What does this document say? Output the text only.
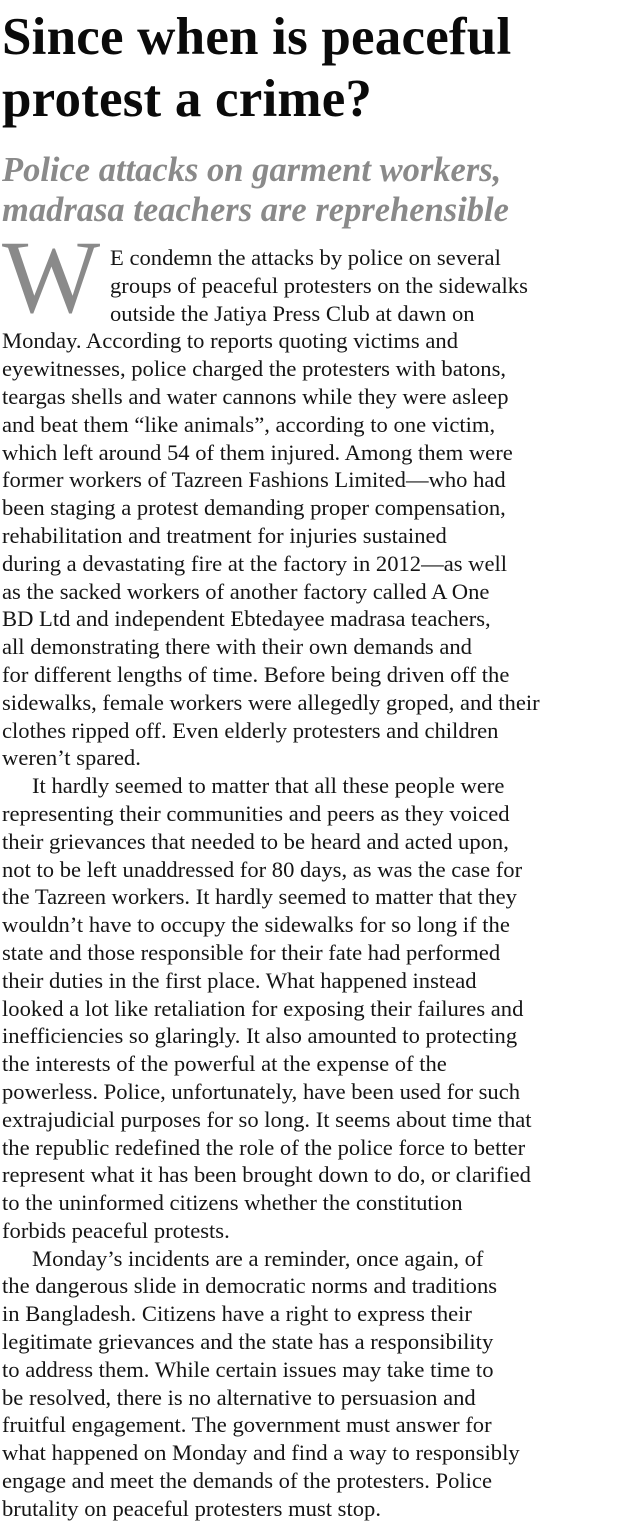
Since when is peaceful
protest a crime?
Police attacks on garment workers,
madrasa teachers are reprehensible
W E condemn the attacks by police on several
groups of peaceful protesters on the sidewalks
outside the Jatiya Press Club at dawn on
Monday. According to reports quoting victims and
eyewitnesses, police charged the protesters with batons,
teargas shells and water cannons while they were asleep
and beat them “like animals”, according to one victim,
which left around 54 of them injured. Among them were
former workers of Tazreen Fashions Limited—who had
been staging a protest demanding proper compensation,
rehabilitation and treatment for injuries sustained
during a devastating fire at the factory in 2012—as well
as the sacked workers of another factory called A One
BD Ltd and independent Ebtedayee madrasa teachers,
all demonstrating there with their own demands and
for different lengths of time. Before being driven off the
sidewalks, female workers were allegedly groped, and their
clothes ripped off. Even elderly protesters and children
weren’t spared.
It hardly seemed to matter that all these people were
representing their communities and peers as they voiced
their grievances that needed to be heard and acted upon,
not to be left unaddressed for 80 days, as was the case for
the Tazreen workers. It hardly seemed to matter that they
wouldn’t have to occupy the sidewalks for so long if the
state and those responsible for their fate had performed
their duties in the first place. What happened instead
looked a lot like retaliation for exposing their failures and
inefficiencies so glaringly. It also amounted to protecting
the interests of the powerful at the expense of the
powerless. Police, unfortunately, have been used for such
extrajudicial purposes for so long. It seems about time that
the republic redefined the role of the police force to better
represent what it has been brought down to do, or clarified
to the uninformed citizens whether the constitution
forbids peaceful protests.
Monday’s incidents are a reminder, once again, of
the dangerous slide in democratic norms and traditions
in Bangladesh. Citizens have a right to express their
legitimate grievances and the state has a responsibility
to address them. While certain issues may take time to
be resolved, there is no alternative to persuasion and
fruitful engagement. The government must answer for
what happened on Monday and find a way to responsibly
engage and meet the demands of the protesters. Police
brutality on peaceful protesters must stop.
